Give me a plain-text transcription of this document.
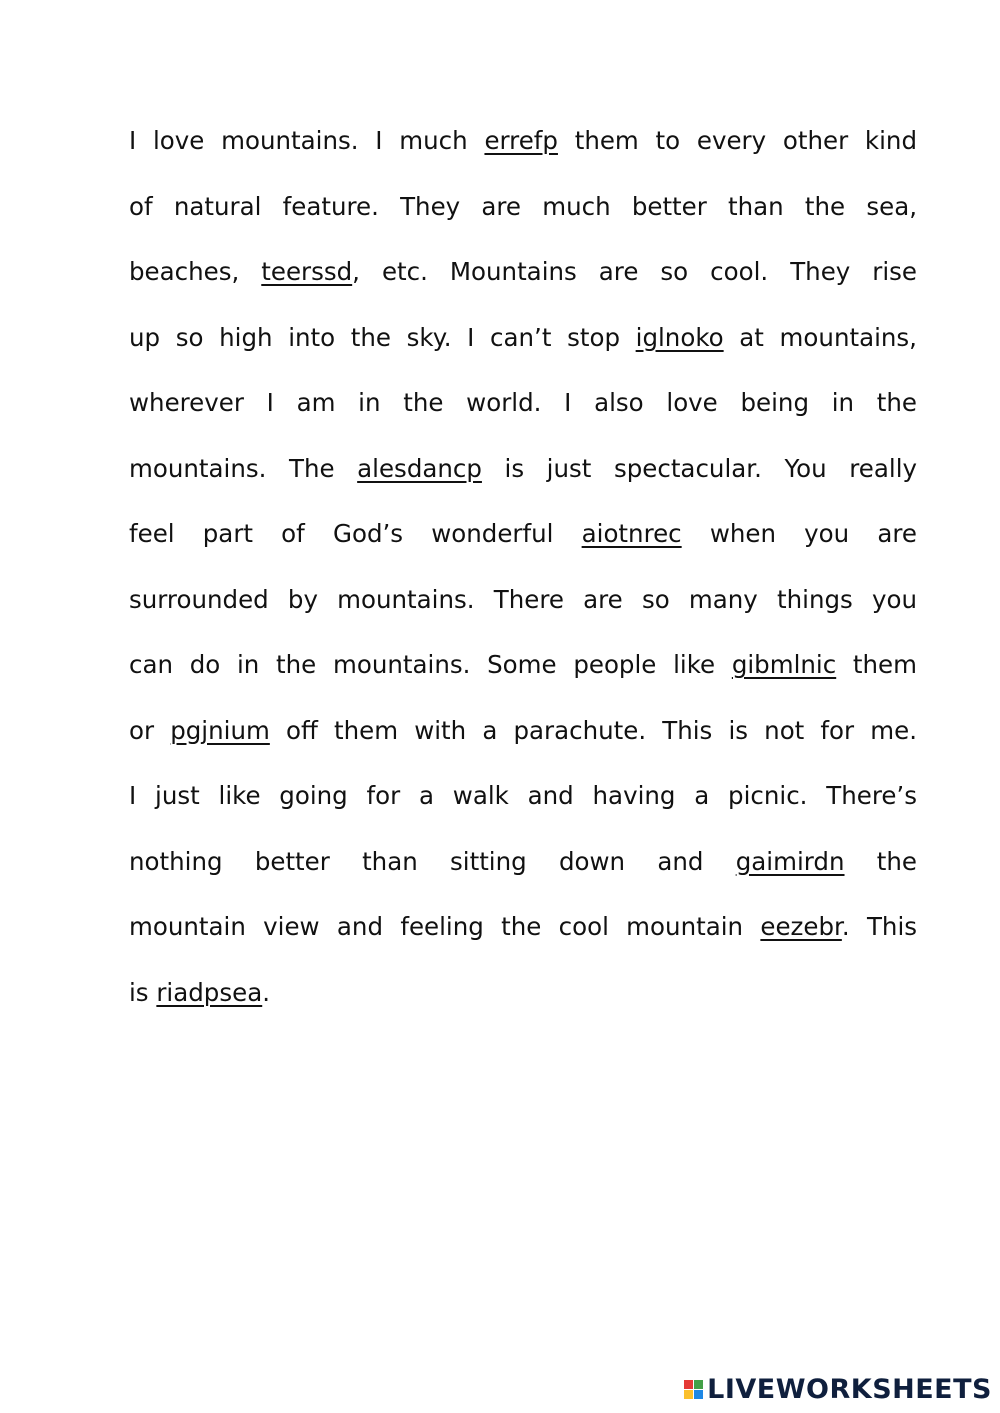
I love mountains. I much errefp them to every other kind
of natural feature. They are much better than the sea,
beaches, teerssd, etc. Mountains are so cool. They rise
up so high into the sky. I can’t stop iglnoko at mountains,
wherever I am in the world. I also love being in the
mountains. The alesdancp is just spectacular. You really
feel part of God’s wonderful aiotnrec when you are
surrounded by mountains. There are so many things you
can do in the mountains. Some people like gibmlnic them
or pgjnium off them with a parachute. This is not for me.
I just like going for a walk and having a picnic. There’s
nothing better than sitting down and gaimirdn the
mountain view and feeling the cool mountain eezebr. This
is riadpsea.
LIVEWORKSHEETS
